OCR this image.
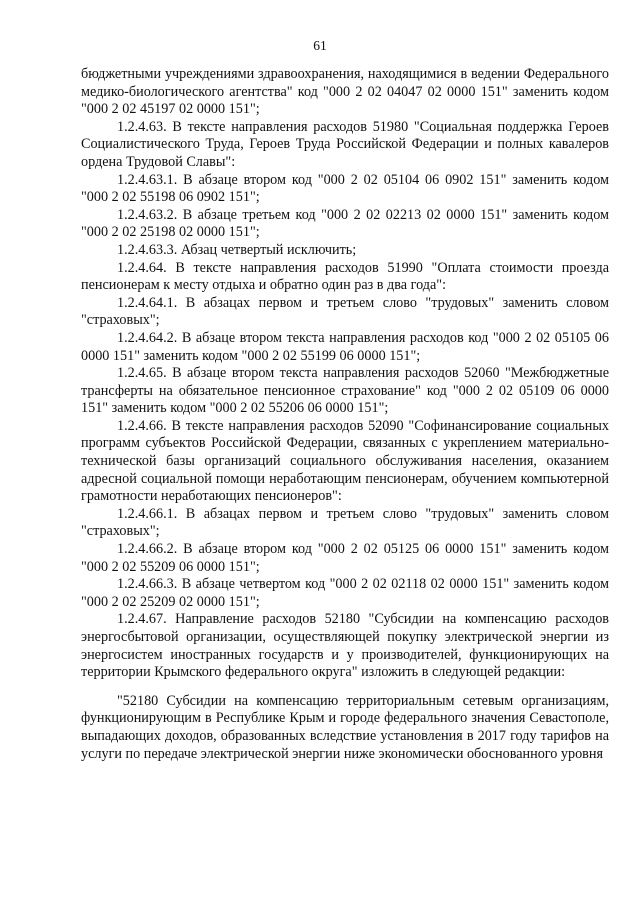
61

бюджетными учреждениями здравоохранения, находящимися в ведении Федерального медико-биологического агентства" код "000 2 02 04047 02 0000 151" заменить кодом "000 2 02 45197 02 0000 151";

1.2.4.63. В тексте направления расходов 51980 "Социальная поддержка Героев Социалистического Труда, Героев Труда Российской Федерации и полных кавалеров ордена Трудовой Славы":

1.2.4.63.1. В абзаце втором код "000 2 02 05104 06 0902 151" заменить кодом "000 2 02 55198 06 0902 151";

1.2.4.63.2. В абзаце третьем код "000 2 02 02213 02 0000 151" заменить кодом "000 2 02 25198 02 0000 151";

1.2.4.63.3. Абзац четвертый исключить;

1.2.4.64. В тексте направления расходов 51990 "Оплата стоимости проезда пенсионерам к месту отдыха и обратно один раз в два года":

1.2.4.64.1. В абзацах первом и третьем слово "трудовых" заменить словом "страховых";

1.2.4.64.2. В абзаце втором текста направления расходов код "000 2 02 05105 06 0000 151" заменить кодом "000 2 02 55199 06 0000 151";

1.2.4.65. В абзаце втором текста направления расходов 52060 "Межбюджетные трансферты на обязательное пенсионное страхование" код "000 2 02 05109 06 0000 151" заменить кодом "000 2 02 55206 06 0000 151";

1.2.4.66. В тексте направления расходов 52090 "Софинансирование социальных программ субъектов Российской Федерации, связанных с укреплением материально-технической базы организаций социального обслуживания населения, оказанием адресной социальной помощи неработающим пенсионерам, обучением компьютерной грамотности неработающих пенсионеров":

1.2.4.66.1. В абзацах первом и третьем слово "трудовых" заменить словом "страховых";

1.2.4.66.2. В абзаце втором код "000 2 02 05125 06 0000 151" заменить кодом "000 2 02 55209 06 0000 151";

1.2.4.66.3. В абзаце четвертом код "000 2 02 02118 02 0000 151" заменить кодом "000 2 02 25209 02 0000 151";

1.2.4.67. Направление расходов 52180 "Субсидии на компенсацию расходов энергосбытовой организации, осуществляющей покупку электрической энергии из энергосистем иностранных государств и у производителей, функционирующих на территории Крымского федерального округа" изложить в следующей редакции:

"52180 Субсидии на компенсацию территориальным сетевым организациям, функционирующим в Республике Крым и городе федерального значения Севастополе, выпадающих доходов, образованных вследствие установления в 2017 году тарифов на услуги по передаче электрической энергии ниже экономически обоснованного уровня
